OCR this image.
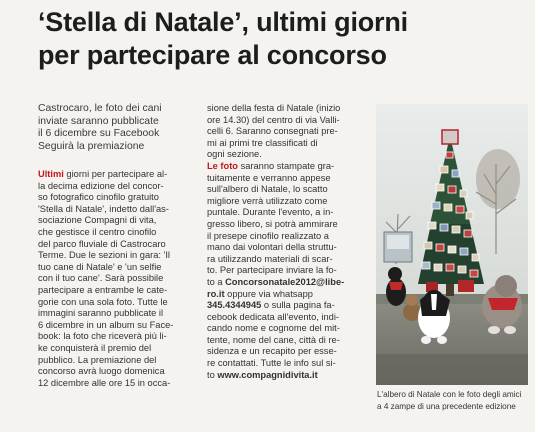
‘Stella di Natale’, ultimi giorni
per partecipare al concorso
Castrocaro, le foto dei cani
inviate saranno pubblicate
il 6 dicembre su Facebook
Seguirà la premiazione
Ultimi giorni per partecipare al-
la decima edizione del concor-
so fotografico cinofilo gratuito
'Stella di Natale', indetto dall'as-
sociazione Compagni di vita,
che gestisce il centro cinofilo
del parco fluviale di Castrocaro
Terme. Due le sezioni in gara: 'Il
tuo cane di Natale' e 'un selfie
con il tuo cane'. Sarà possibile
partecipare a entrambe le cate-
gorie con una sola foto. Tutte le
immagini saranno pubblicate il
6 dicembre in un album su Face-
book: la foto che riceverà più li-
ke conquisterà il premio del
pubblico. La premiazione del
concorso avrà luogo domenica
12 dicembre alle ore 15 in occa-
sione della festa di Natale (inizio
ore 14.30) del centro di via Valli-
celli 6. Saranno consegnati pre-
mi ai primi tre classificati di
ogni sezione.
Le foto saranno stampate gra-
tuitamente e verranno appese
sull'albero di Natale, lo scatto
migliore verrà utilizzato come
puntale. Durante l'evento, a in-
gresso libero, si potrà ammirare
il presepe cinofilo realizzato a
mano dai volontari della struttu-
ra utilizzando materiali di scar-
to. Per partecipare inviare la fo-
to a Concorsonatale2012@libe-
ro.it oppure via whatsapp
345.4344945 o sulla pagina fa-
cebook dedicata all'evento, indi-
cando nome e cognome del mit-
tente, nome del cane, città di re-
sidenza e un recapito per esse-
re contattati. Tutte le info sul si-
to www.compagnidivita.it
L'albero di Natale con le foto degli amici
a 4 zampe di una precedente edizione
